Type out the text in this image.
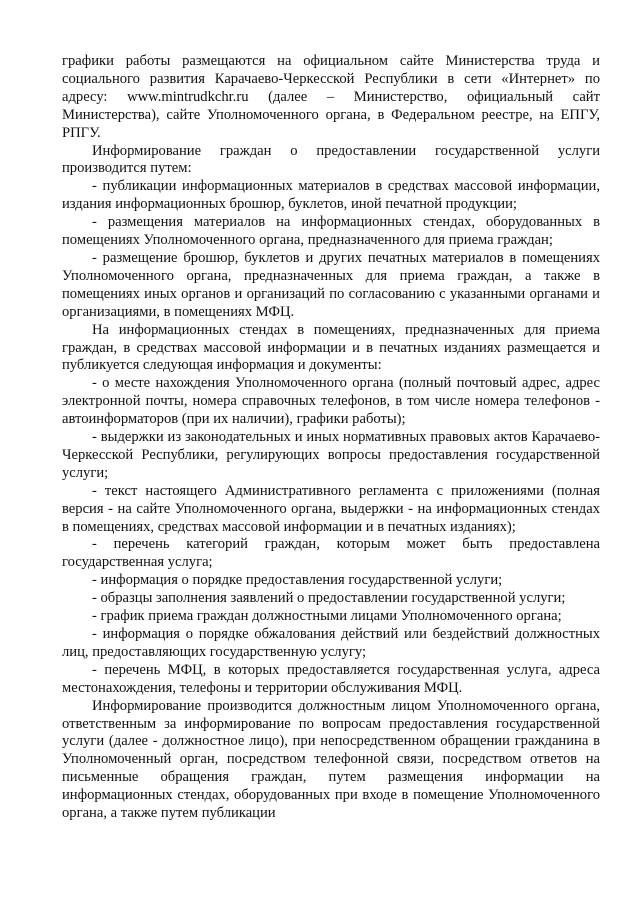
графики работы размещаются на официальном сайте Министерства труда и социального развития Карачаево-Черкесской Республики в сети «Интернет» по адресу: www.mintrudkchr.ru (далее – Министерство, официальный сайт Министерства), сайте Уполномоченного органа, в Федеральном реестре, на ЕПГУ, РПГУ.

Информирование граждан о предоставлении государственной услуги производится путем:

- публикации информационных материалов в средствах массовой информации, издания информационных брошюр, буклетов, иной печатной продукции;

- размещения материалов на информационных стендах, оборудованных в помещениях Уполномоченного органа, предназначенного для приема граждан;

- размещение брошюр, буклетов и других печатных материалов в помещениях Уполномоченного органа, предназначенных для приема граждан, а также в помещениях иных органов и организаций по согласованию с указанными органами и организациями, в помещениях МФЦ.

На информационных стендах в помещениях, предназначенных для приема граждан, в средствах массовой информации и в печатных изданиях размещается и публикуется следующая информация и документы:

- о месте нахождения Уполномоченного органа (полный почтовый адрес, адрес электронной почты, номера справочных телефонов, в том числе номера телефонов - автоинформаторов (при их наличии), графики работы);

- выдержки из законодательных и иных нормативных правовых актов Карачаево-Черкесской Республики, регулирующих вопросы предоставления государственной услуги;

- текст настоящего Административного регламента с приложениями (полная версия - на сайте Уполномоченного органа, выдержки - на информационных стендах в помещениях, средствах массовой информации и в печатных изданиях);

- перечень категорий граждан, которым может быть предоставлена государственная услуга;

- информация о порядке предоставления государственной услуги;

- образцы заполнения заявлений о предоставлении государственной услуги;

- график приема граждан должностными лицами Уполномоченного органа;

- информация о порядке обжалования действий или бездействий должностных лиц, предоставляющих государственную услугу;

- перечень МФЦ, в которых предоставляется государственная услуга, адреса местонахождения, телефоны и территории обслуживания МФЦ.

Информирование производится должностным лицом Уполномоченного органа, ответственным за информирование по вопросам предоставления государственной услуги (далее - должностное лицо), при непосредственном обращении гражданина в Уполномоченный орган, посредством телефонной связи, посредством ответов на письменные обращения граждан, путем размещения информации на информационных стендах, оборудованных при входе в помещение Уполномоченного органа, а также путем публикации
